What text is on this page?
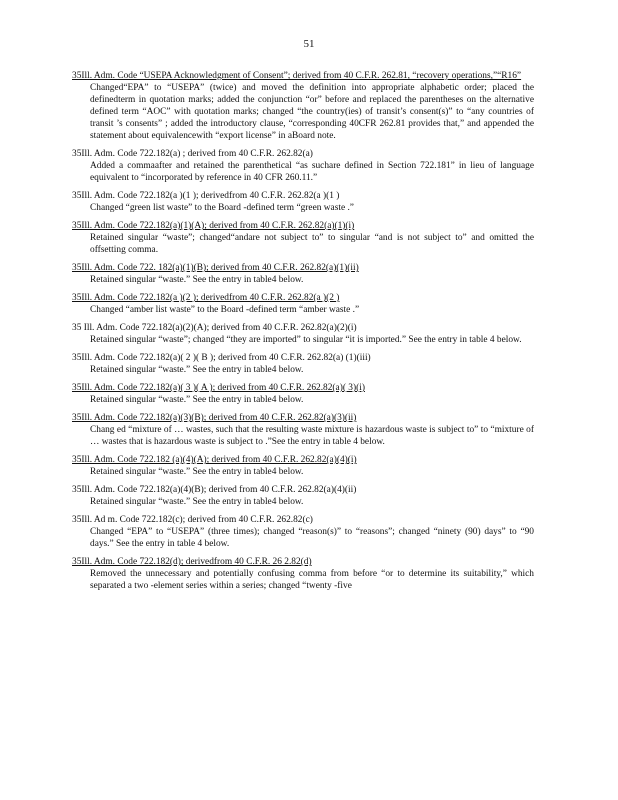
51
35Ill. Adm. Code “USEPA Acknowledgment of Consent”; derived from 40 C.F.R. 262.81, “recovery operations,”“R16”
Changed“EPA” to “USEPA” (twice) and moved the definition into appropriate alphabetic order; placed the definedterm in quotation marks; added the conjunction “or” before and replaced the parentheses on the alternative defined term “AOC” with quotation marks; changed “the country(ies) of transit’s consent(s)” to “any countries of transit ’s consents” ; added the introductory clause, “corresponding 40CFR 262.81 provides that,” and appended the statement about equivalencewith “export license” in aBoard note.
35Ill. Adm. Code 722.182(a) ; derived from 40 C.F.R. 262.82(a)
Added a commaafter and retained the parenthetical “as suchare defined in Section 722.181” in lieu of language equivalent to “incorporated by reference in 40 CFR 260.11.”
35Ill. Adm. Code 722.182(a )(1 ); derivedfrom 40 C.F.R. 262.82(a )(1 )
Changed “green list waste” to the Board -defined term “green waste .”
35Ill. Adm. Code 722.182(a)(1)(A); derived from 40 C.F.R. 262.82(a)(1)(i)
Retained singular “waste”; changed“andare not subject to” to singular “and is not subject to” and omitted the offsetting comma.
35Ill. Adm. Code 722. 182(a)(1)(B); derived from 40 C.F.R. 262.82(a)(1)(ii)
Retained singular “waste.” See the entry in table4 below.
35Ill. Adm. Code 722.182(a )(2 ); derivedfrom 40 C.F.R. 262.82(a )(2 )
Changed “amber list waste” to the Board -defined term “amber waste .”
35 Ill. Adm. Code 722.182(a)(2)(A); derived from 40 C.F.R. 262.82(a)(2)(i)
Retained singular “waste”; changed “they are imported” to singular “it is imported.” See the entry in table 4 below.
35Ill. Adm. Code 722.182(a)( 2 )( B ); derived from 40 C.F.R. 262.82(a) (1)(iii)
Retained singular “waste.” See the entry in table4 below.
35Ill. Adm. Code 722.182(a)( 3 )( A ); derived from 40 C.F.R. 262.82(a)( 3)(i)
Retained singular “waste.” See the entry in table4 below.
35Ill. Adm. Code 722.182(a)(3)(B); derived from 40 C.F.R. 262.82(a)(3)(ii)
Chang ed “mixture of … wastes, such that the resulting waste mixture is hazardous waste is subject to” to “mixture of … wastes that is hazardous waste is subject to .”See the entry in table 4 below.
35Ill. Adm. Code 722.182 (a)(4)(A); derived from 40 C.F.R. 262.82(a)(4)(i)
Retained singular “waste.” See the entry in table4 below.
35Ill. Adm. Code 722.182(a)(4)(B); derived from 40 C.F.R. 262.82(a)(4)(ii)
Retained singular “waste.” See the entry in table4 below.
35Ill. Ad m. Code 722.182(c); derived from 40 C.F.R. 262.82(c)
Changed “EPA” to “USEPA” (three times); changed “reason(s)” to “reasons”; changed “ninety (90) days” to “90 days.” See the entry in table 4 below.
35Ill. Adm. Code 722.182(d); derivedfrom 40 C.F.R. 26 2.82(d)
Removed the unnecessary and potentially confusing comma from before “or to determine its suitability,” which separated a two -element series within a series; changed “twenty -five
